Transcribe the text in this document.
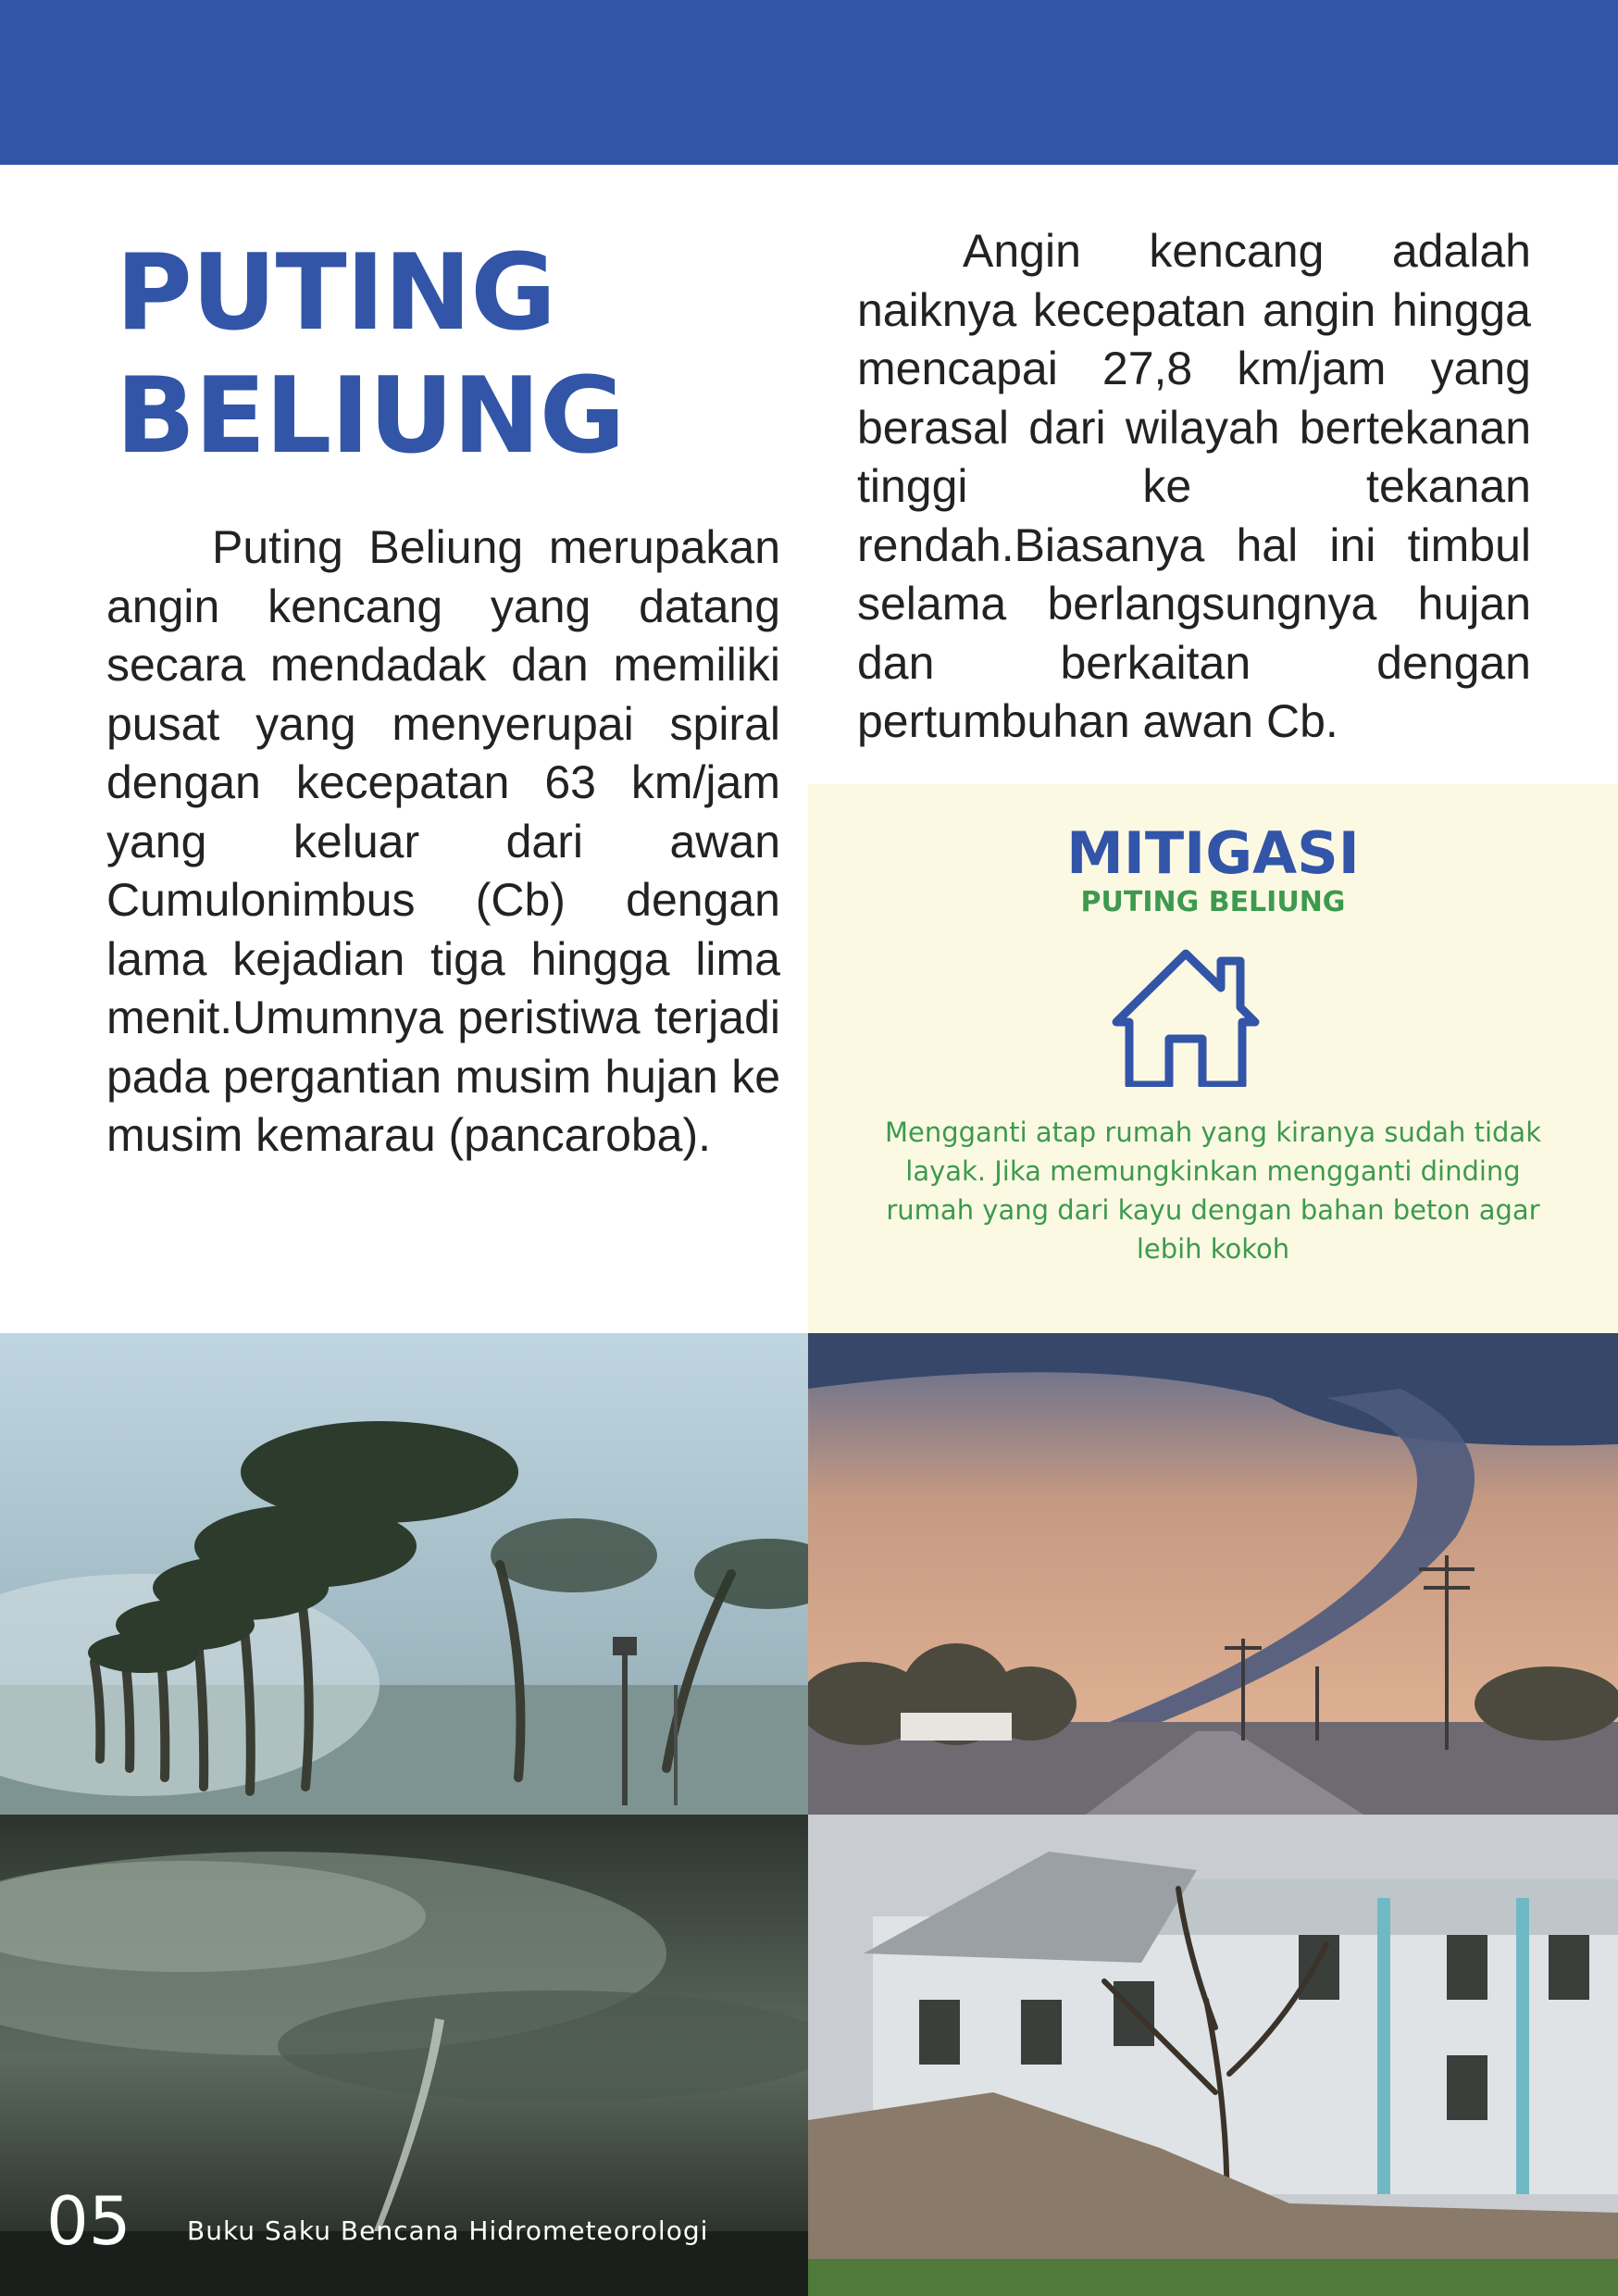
PUTING
BELIUNG

Puting Beliung merupakan angin kencang yang datang secara mendadak dan memiliki pusat yang menyerupai spiral dengan kecepatan 63 km/jam yang keluar dari awan Cumulonimbus (Cb) dengan lama kejadian tiga hingga lima menit.Umumnya peristiwa terjadi pada pergantian musim hujan ke musim kemarau (pancaroba).

Angin kencang adalah naiknya kecepatan angin hingga mencapai 27,8 km/jam yang berasal dari wilayah bertekanan tinggi ke tekanan rendah.Biasanya hal ini timbul selama berlangsungnya hujan dan berkaitan dengan pertumbuhan awan Cb.

MITIGASI

PUTING BELIUNG

Mengganti atap rumah yang kiranya sudah tidak layak. Jika memungkinkan mengganti dinding rumah yang dari kayu dengan bahan beton agar lebih kokoh

05 Buku Saku Bencana Hidrometeorologi
